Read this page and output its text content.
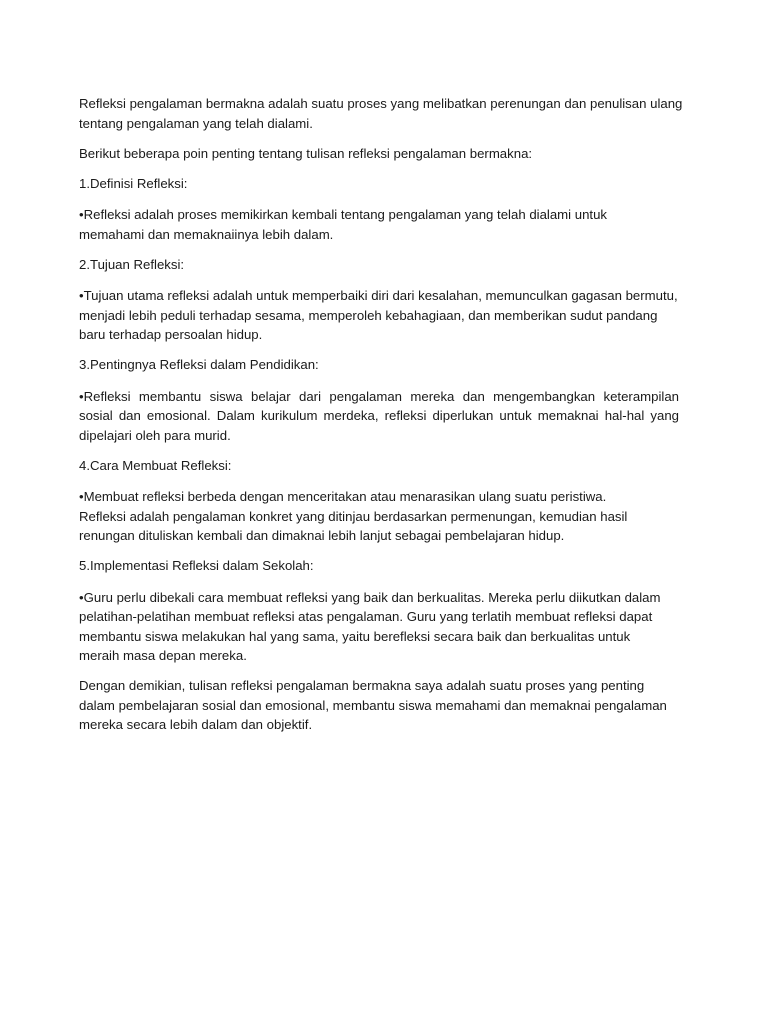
Refleksi pengalaman bermakna adalah suatu proses yang melibatkan perenungan dan penulisan ulang
tentang pengalaman yang telah dialami.

Berikut beberapa poin penting tentang tulisan refleksi pengalaman bermakna:

1.Definisi Refleksi:

•Refleksi adalah proses memikirkan kembali tentang pengalaman yang telah dialami untuk
memahami dan memaknaiinya lebih dalam.

2.Tujuan Refleksi:

•Tujuan utama refleksi adalah untuk memperbaiki diri dari kesalahan, memunculkan gagasan bermutu,
menjadi lebih peduli terhadap sesama, memperoleh kebahagiaan, dan memberikan sudut pandang
baru terhadap persoalan hidup.

3.Pentingnya Refleksi dalam Pendidikan:

•Refleksi membantu siswa belajar dari pengalaman mereka dan mengembangkan keterampilan
sosial dan emosional. Dalam kurikulum merdeka, refleksi diperlukan untuk memaknai hal-hal yang
dipelajari oleh para murid.

4.Cara Membuat Refleksi:

•Membuat refleksi berbeda dengan menceritakan atau menarasikan ulang suatu peristiwa.
Refleksi adalah pengalaman konkret yang ditinjau berdasarkan permenungan, kemudian hasil
renungan dituliskan kembali dan dimaknai lebih lanjut sebagai pembelajaran hidup.

5.Implementasi Refleksi dalam Sekolah:

•Guru perlu dibekali cara membuat refleksi yang baik dan berkualitas. Mereka perlu diikutkan dalam
pelatihan-pelatihan membuat refleksi atas pengalaman. Guru yang terlatih membuat refleksi dapat
membantu siswa melakukan hal yang sama, yaitu berefleksi secara baik dan berkualitas untuk
meraih masa depan mereka.

Dengan demikian, tulisan refleksi pengalaman bermakna saya adalah suatu proses yang penting
dalam pembelajaran sosial dan emosional, membantu siswa memahami dan memaknai pengalaman
mereka secara lebih dalam dan objektif.
